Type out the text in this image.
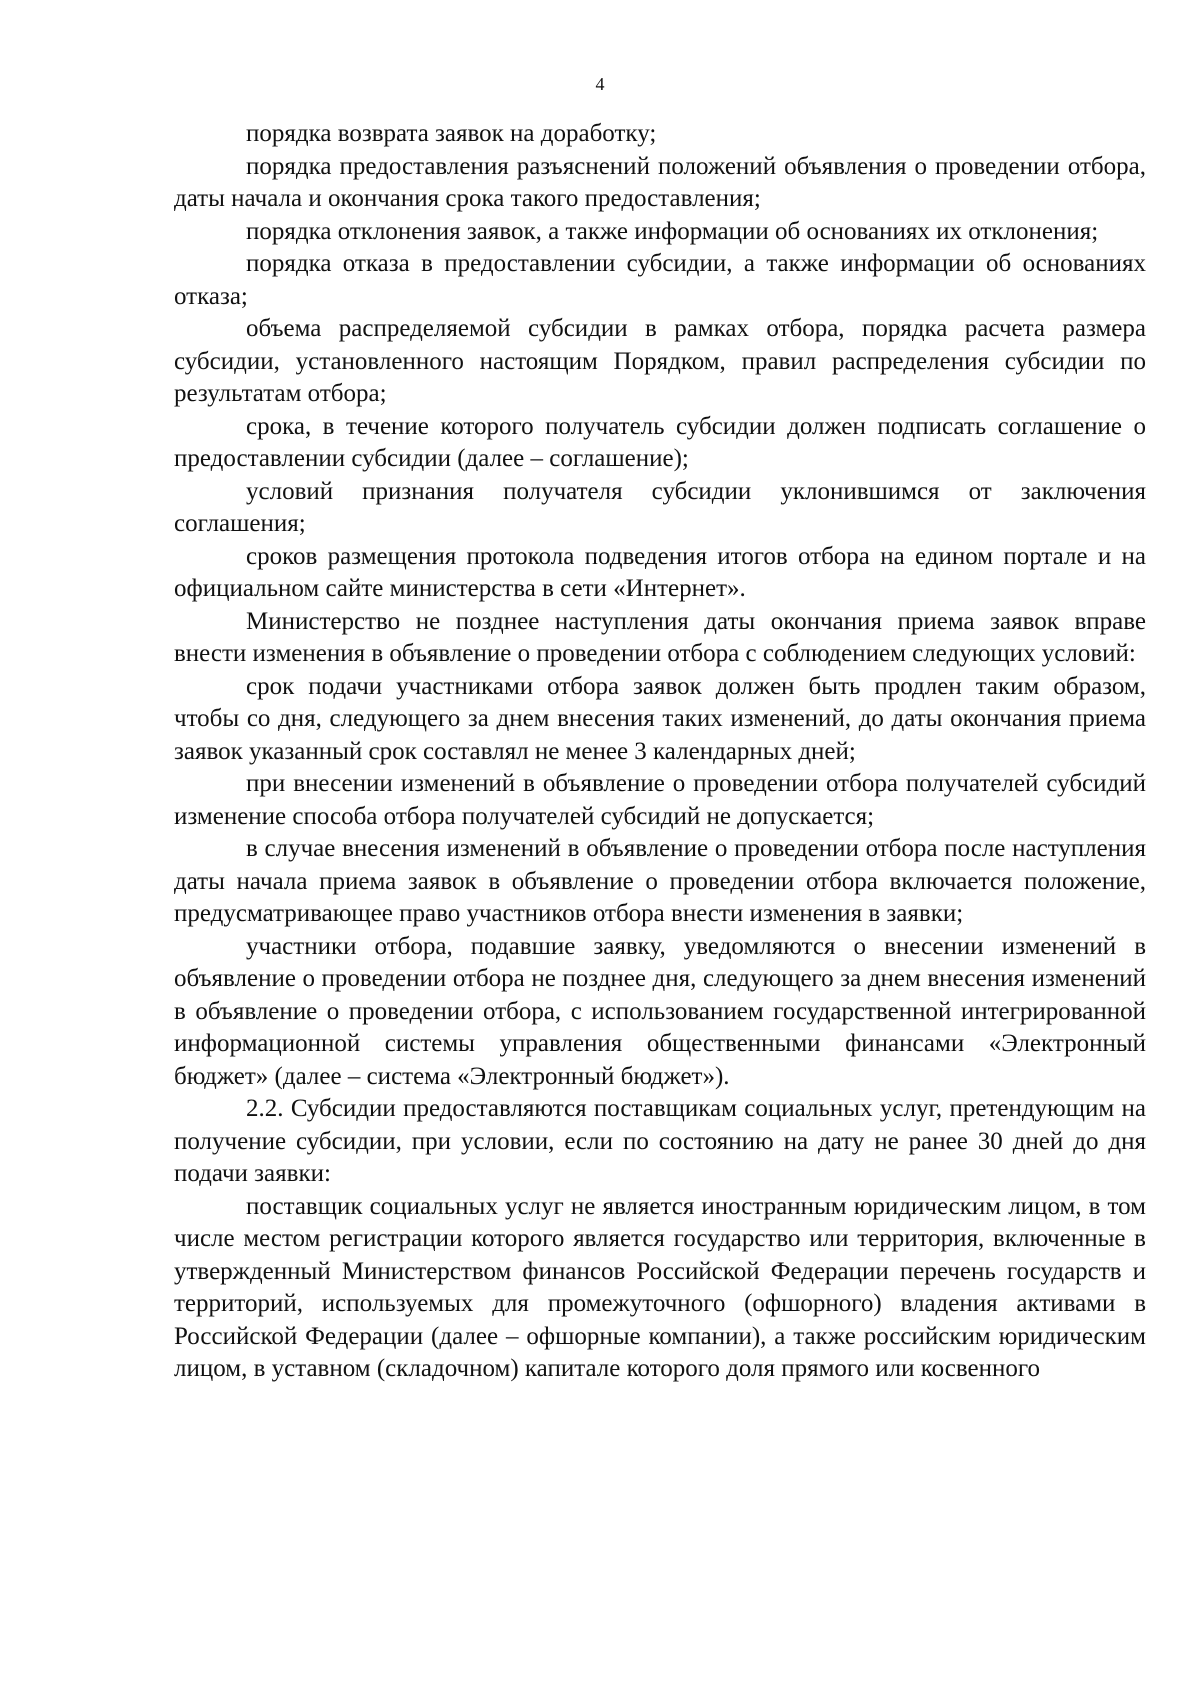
4

порядка возврата заявок на доработку;

порядка предоставления разъяснений положений объявления о проведении отбора, даты начала и окончания срока такого предоставления;

порядка отклонения заявок, а также информации об основаниях их отклонения;

порядка отказа в предоставлении субсидии, а также информации об основаниях отказа;

объема распределяемой субсидии в рамках отбора, порядка расчета размера субсидии, установленного настоящим Порядком, правил распределения субсидии по результатам отбора;

срока, в течение которого получатель субсидии должен подписать соглашение о предоставлении субсидии (далее – соглашение);

условий признания получателя субсидии уклонившимся от заключения соглашения;

сроков размещения протокола подведения итогов отбора на едином портале и на официальном сайте министерства в сети «Интернет».

Министерство не позднее наступления даты окончания приема заявок вправе внести изменения в объявление о проведении отбора с соблюдением следующих условий:

срок подачи участниками отбора заявок должен быть продлен таким образом, чтобы со дня, следующего за днем внесения таких изменений, до даты окончания приема заявок указанный срок составлял не менее 3 календарных дней;

при внесении изменений в объявление о проведении отбора получателей субсидий изменение способа отбора получателей субсидий не допускается;

в случае внесения изменений в объявление о проведении отбора после наступления даты начала приема заявок в объявление о проведении отбора включается положение, предусматривающее право участников отбора внести изменения в заявки;

участники отбора, подавшие заявку, уведомляются о внесении изменений в объявление о проведении отбора не позднее дня, следующего за днем внесения изменений в объявление о проведении отбора, с использованием государственной интегрированной информационной системы управления общественными финансами «Электронный бюджет» (далее – система «Электронный бюджет»).

2.2. Субсидии предоставляются поставщикам социальных услуг, претендующим на получение субсидии, при условии, если по состоянию на дату не ранее 30 дней до дня подачи заявки:

поставщик социальных услуг не является иностранным юридическим лицом, в том числе местом регистрации которого является государство или территория, включенные в утвержденный Министерством финансов Российской Федерации перечень государств и территорий, используемых для промежуточного (офшорного) владения активами в Российской Федерации (далее – офшорные компании), а также российским юридическим лицом, в уставном (складочном) капитале которого доля прямого или косвенного
